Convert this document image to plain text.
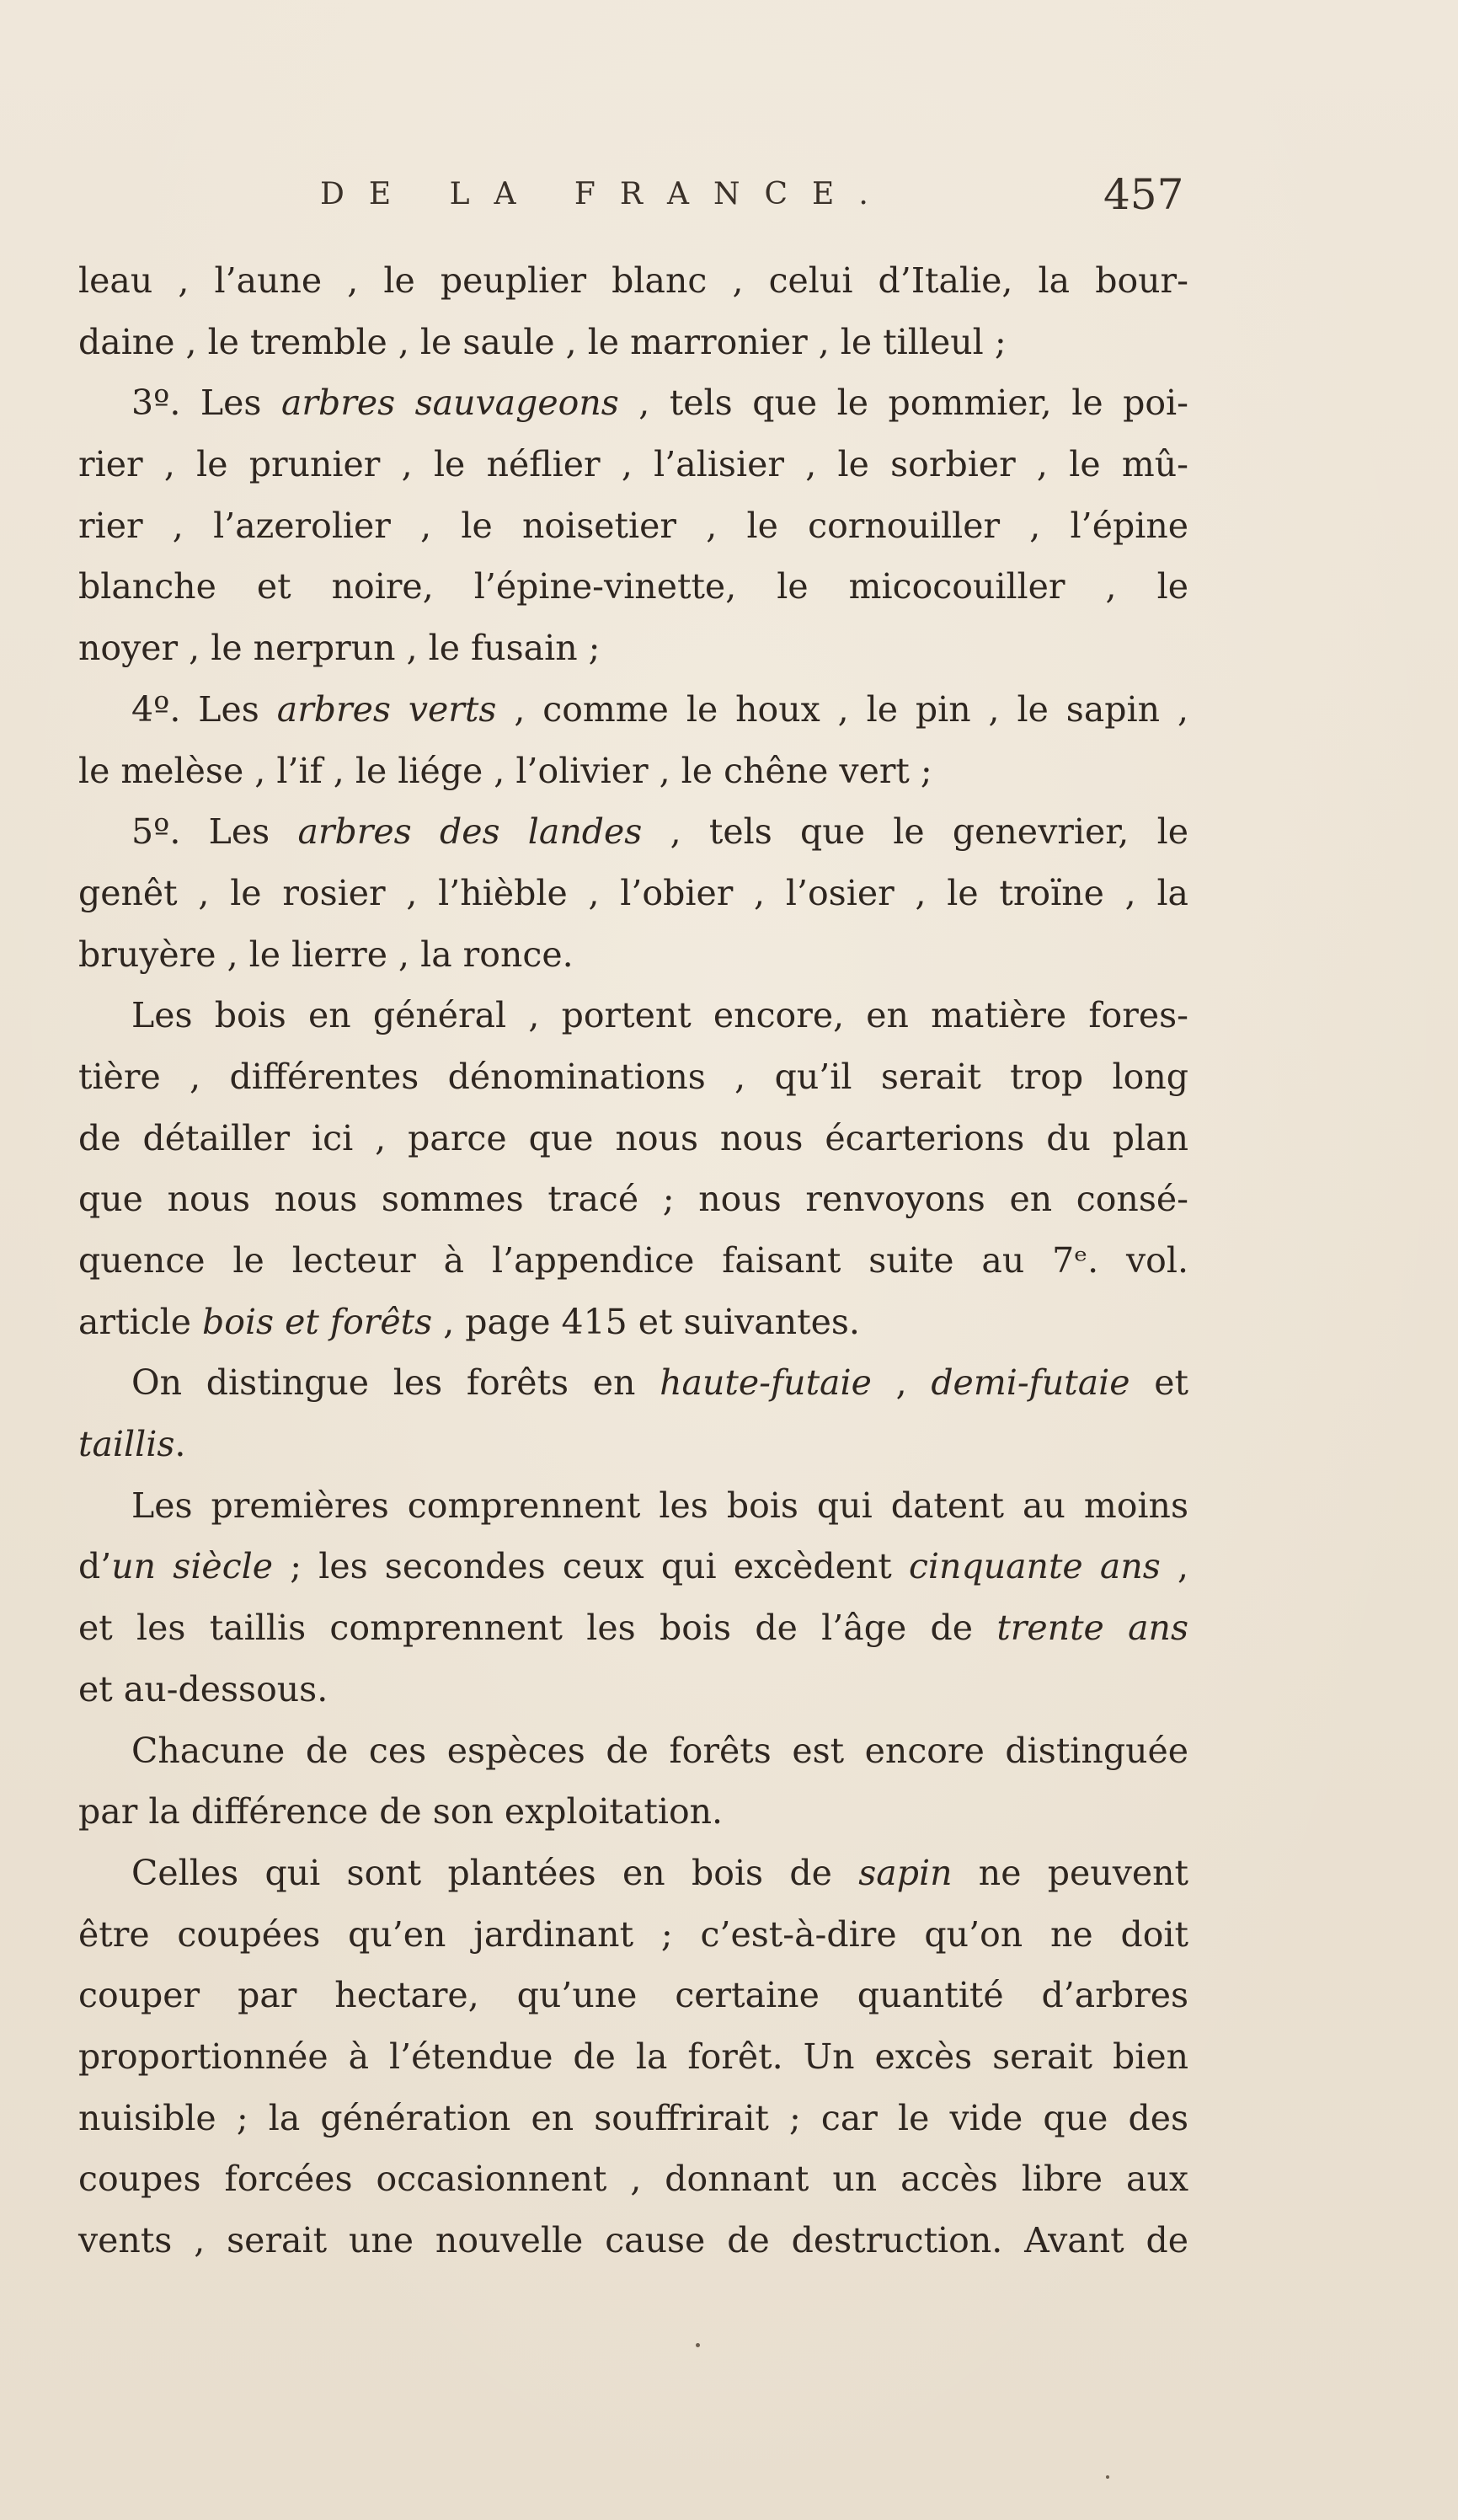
DE LA FRANCE.	457
leau , l’aune , le peuplier blanc , celui d’Italie, la bour-
daine , le tremble , le saule , le marronier , le tilleul ;
3º. Les arbres sauvageons , tels que le pommier, le poi-
rier , le prunier , le néflier , l’alisier , le sorbier , le mû-
rier , l’azerolier , le noisetier , le cornouiller , l’épine
blanche et noire, l’épine-vinette, le micocouiller , le
noyer , le nerprun , le fusain ;
4º. Les arbres verts , comme le houx , le pin , le sapin ,
le melèse , l’if , le liége , l’olivier , le chêne vert ;
5º. Les arbres des landes , tels que le genevrier, le
genêt , le rosier , l’hièble , l’obier , l’osier , le troïne , la
bruyère , le lierre , la ronce.
Les bois en général , portent encore, en matière fores-
tière , différentes dénominations , qu’il serait trop long
de détailler ici , parce que nous nous écarterions du plan
que nous nous sommes tracé ; nous renvoyons en consé-
quence le lecteur à l’appendice faisant suite au 7ᵉ. vol.
article bois et forêts , page 415 et suivantes.
On distingue les forêts en haute-futaie , demi-futaie et
taillis.
Les premières comprennent les bois qui datent au moins
d’un siècle ; les secondes ceux qui excèdent cinquante ans ,
et les taillis comprennent les bois de l’âge de trente ans
et au-dessous.
Chacune de ces espèces de forêts est encore distinguée
par la différence de son exploitation.
Celles qui sont plantées en bois de sapin ne peuvent
être coupées qu’en jardinant ; c’est-à-dire qu’on ne doit
couper par hectare, qu’une certaine quantité d’arbres
proportionnée à l’étendue de la forêt. Un excès serait bien
nuisible ; la génération en souffrirait ; car le vide que des
coupes forcées occasionnent , donnant un accès libre aux
vents , serait une nouvelle cause de destruction. Avant de
